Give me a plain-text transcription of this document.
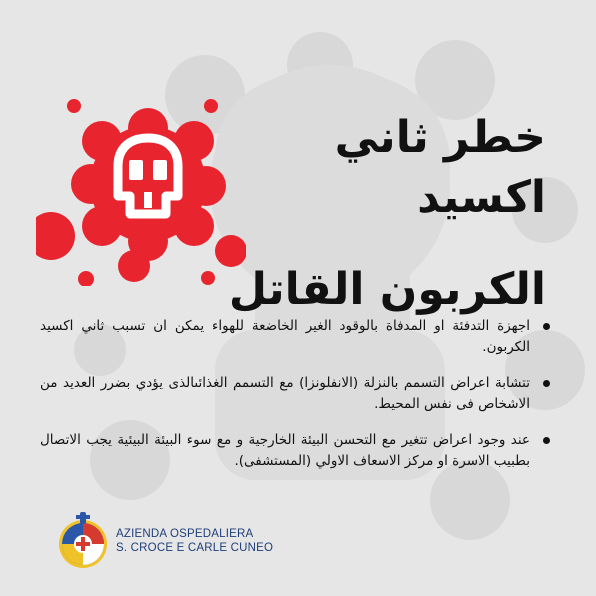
خطر ثاني اكسيد
الكربون القاتل
اجهزة التدفئة او المدفاة بالوقود الغير الخاضعة للهواء يمكن ان تسبب ثاني اكسيد الكربون.
تتشابة اعراض التسمم بالنزلة (الانفلونزا) مع التسمم الغذائىالذى يؤدي بضرر العديد من الاشخاص فى نفس المحيط.
عند وجود اعراض تتغير مع التحسن البيئة الخارجية و مع سوء البيئة البيئية يجب الاتصال بطبيب الاسرة او مركز الاسعاف الاولي (المستشفى).
AZIENDA OSPEDALIERA
S. CROCE E CARLE CUNEO
